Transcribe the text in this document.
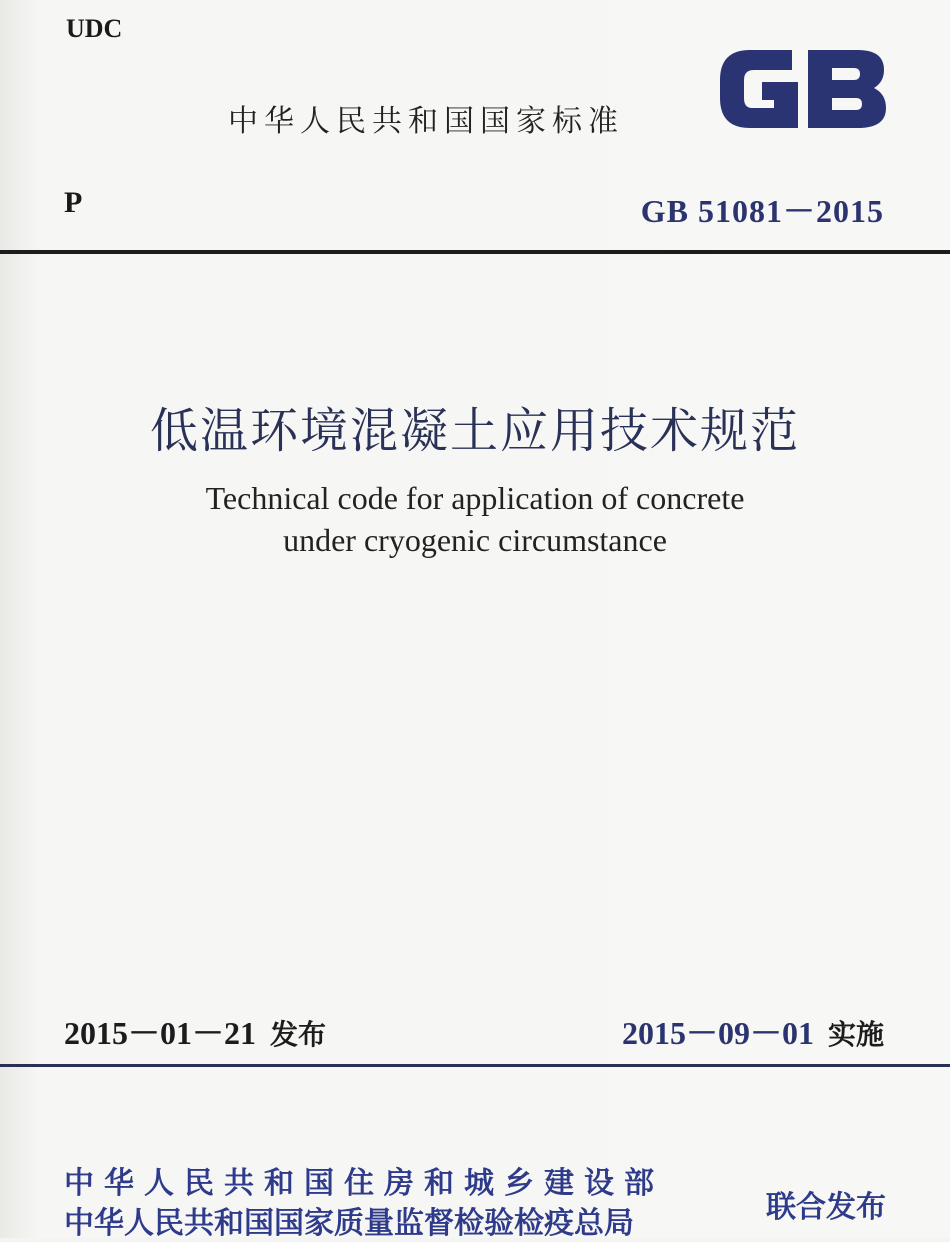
UDC
中华人民共和国国家标准
P	GB 51081－2015
低温环境混凝土应用技术规范
Technical code for application of concrete
under cryogenic circumstance
2015－01－21 发布	2015－09－01 实施
中华人民共和国住房和城乡建设部
中华人民共和国国家质量监督检验检疫总局	联合发布
